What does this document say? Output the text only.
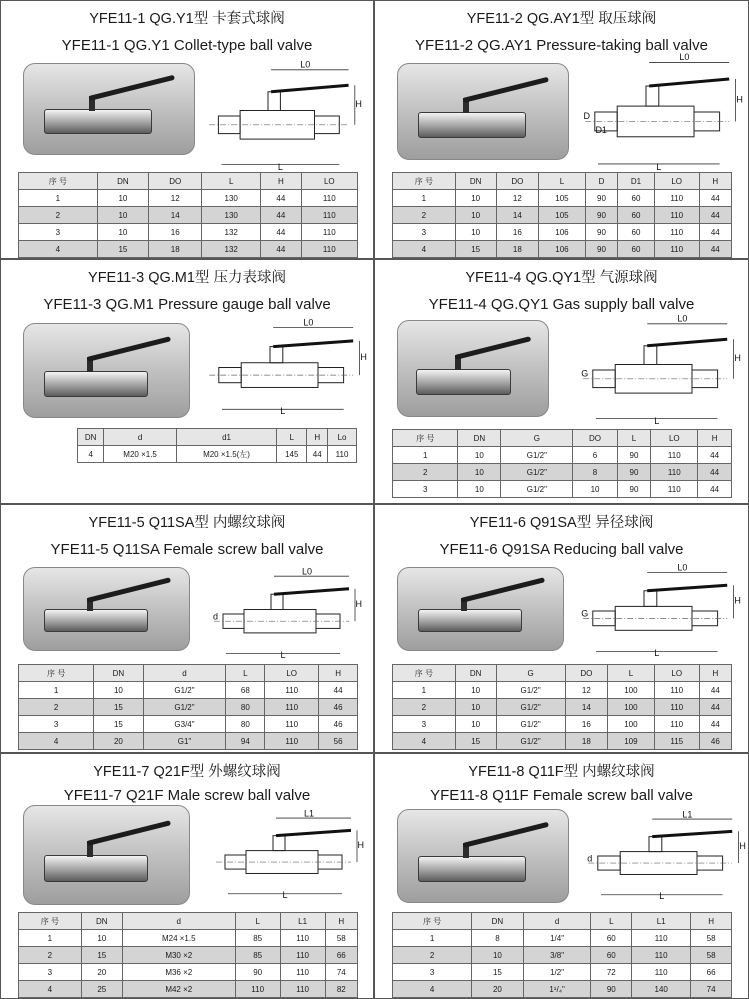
YFE11-1 QG.Y1型 卡套式球阀
YFE11-1 QG.Y1 Collet-type ball valve
L0
H
L
序 号	DN	DO	L	H	LO
1	10	12	130	44	110
2	10	14	130	44	110
3	10	16	132	44	110
4	15	18	132	44	110
YFE11-2 QG.AY1型 取压球阀
YFE11-2 QG.AY1 Pressure-taking ball valve
L0
H
D
D1
L
序 号	DN	DO	L	D	D1	LO	H
1	10	12	105	90	60	110	44
2	10	14	105	90	60	110	44
3	10	16	106	90	60	110	44
4	15	18	106	90	60	110	44
YFE11-3 QG.M1型 压力表球阀
YFE11-3 QG.M1 Pressure gauge ball valve
L0
H
L
DN	d	d1	L	H	Lo
4	M20 ×1.5	M20 ×1.5(左)	145	44	110
YFE11-4 QG.QY1型 气源球阀
YFE11-4 QG.QY1 Gas supply ball valve
L0
H
G
L
序 号	DN	G	DO	L	LO	H
1	10	G1/2"	6	90	110	44
2	10	G1/2"	8	90	110	44
3	10	G1/2"	10	90	110	44
YFE11-5 Q11SA型 内螺纹球阀
YFE11-5 Q11SA Female screw ball valve
L0
H
d
L
序 号	DN	d	L	LO	H
1	10	G1/2"	68	110	44
2	15	G1/2"	80	110	46
3	15	G3/4"	80	110	46
4	20	G1"	94	110	56
YFE11-6 Q91SA型 异径球阀
YFE11-6 Q91SA Reducing ball valve
L0
H
G
L
序 号	DN	G	DO	L	LO	H
1	10	G1/2"	12	100	110	44
2	10	G1/2"	14	100	110	44
3	10	G1/2"	16	100	110	44
4	15	G1/2"	18	109	115	46
YFE11-7 Q21F型 外螺纹球阀
YFE11-7 Q21F Male screw ball valve
L1
H
L
序 号	DN	d	L	L1	H
1	10	M24 ×1.5	85	110	58
2	15	M30 ×2	85	110	66
3	20	M36 ×2	90	110	74
4	25	M42 ×2	110	110	82
YFE11-8 Q11F型 内螺纹球阀
YFE11-8 Q11F Female screw ball valve
L1
H
d
L
序 号	DN	d	L	L1	H
1	8	1/4"	60	110	58
2	10	3/8"	60	110	58
3	15	1/2"	72	110	66
4	20	1¹/₄"	90	140	74
